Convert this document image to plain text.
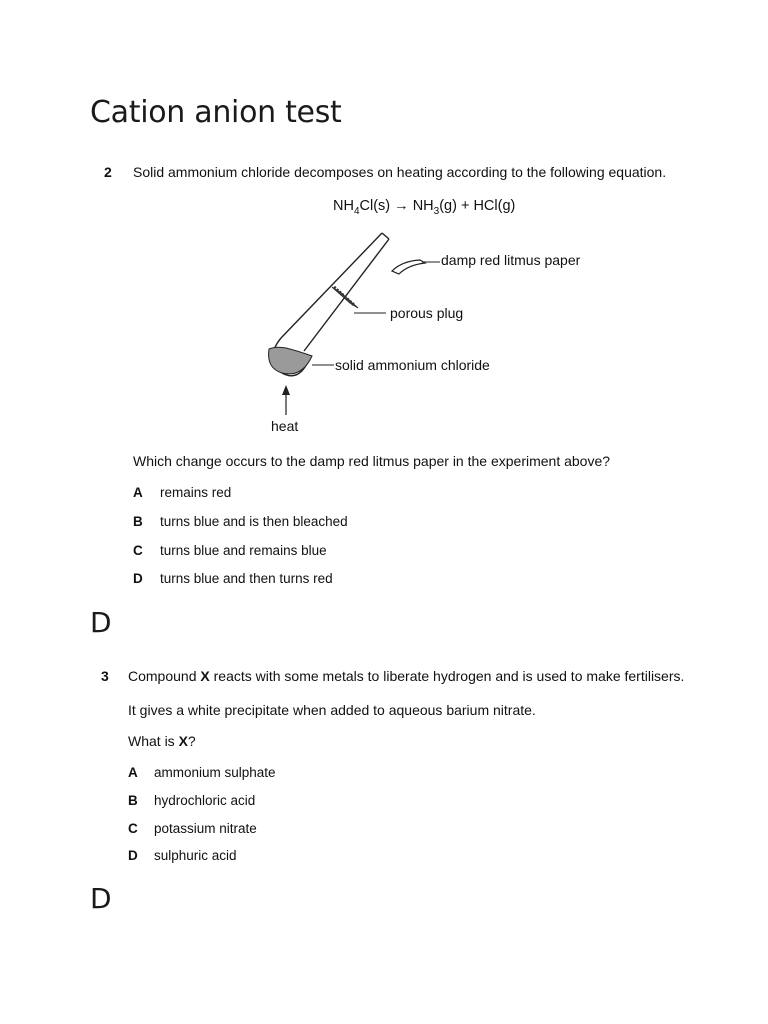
Cation anion test
2 Solid ammonium chloride decomposes on heating according to the following equation.
$NH_4Cl(s) \to NH_3(g) + HCl(g)$
damp red litmus paper
porous plug
solid ammonium chloride
heat
Which change occurs to the damp red litmus paper in the experiment above?
A remains red
B turns blue and is then bleached
C turns blue and remains blue
D turns blue and then turns red
D
3 Compound X reacts with some metals to liberate hydrogen and is used to make fertilisers.
It gives a white precipitate when added to aqueous barium nitrate.
What is X?
A ammonium sulphate
B hydrochloric acid
C potassium nitrate
D sulphuric acid
D
